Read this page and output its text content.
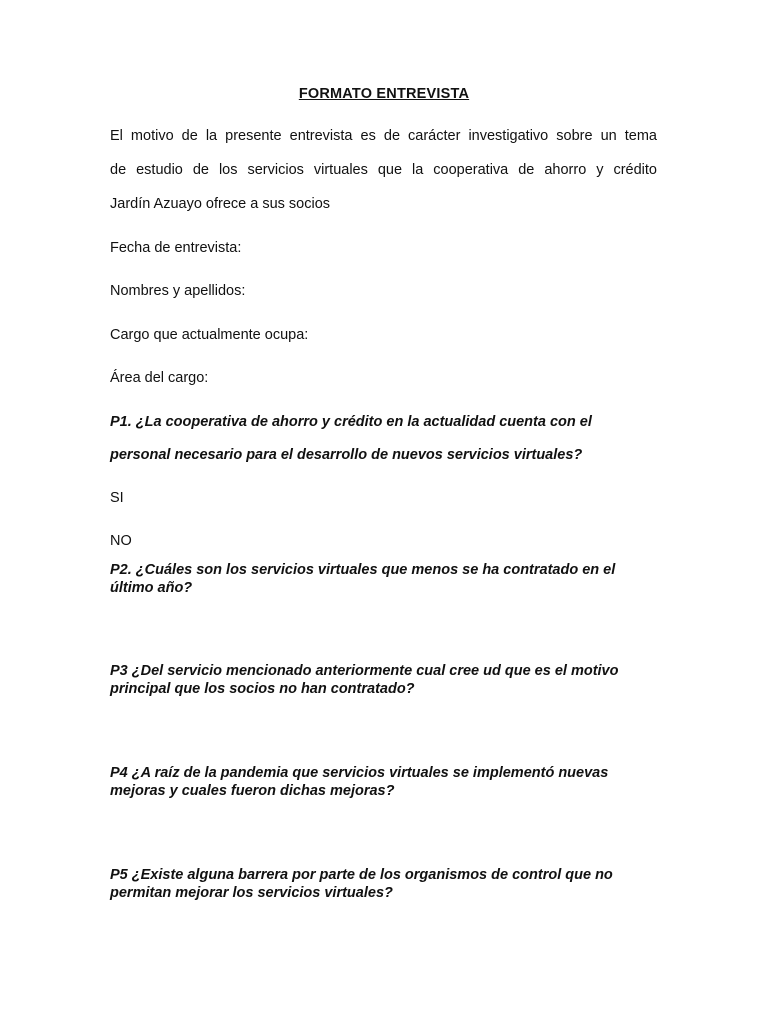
FORMATO ENTREVISTA
El motivo de la presente entrevista es de carácter investigativo sobre un tema
de estudio de los servicios virtuales que la cooperativa de ahorro y crédito
Jardín Azuayo ofrece a sus socios
Fecha de entrevista:
Nombres y apellidos:
Cargo que actualmente ocupa:
Área del cargo:
P1. ¿La cooperativa de ahorro y crédito en la actualidad cuenta con el
personal necesario para el desarrollo de nuevos servicios virtuales?
SI
NO
P2. ¿Cuáles son los servicios virtuales que menos se ha contratado en el último año?
P3 ¿Del servicio mencionado anteriormente cual cree ud que es el motivo principal que los socios no han contratado?
P4 ¿A raíz de la pandemia que servicios virtuales se implementó nuevas mejoras y cuales fueron dichas mejoras?
P5 ¿Existe alguna barrera por parte de los organismos de control que no permitan mejorar los servicios virtuales?
